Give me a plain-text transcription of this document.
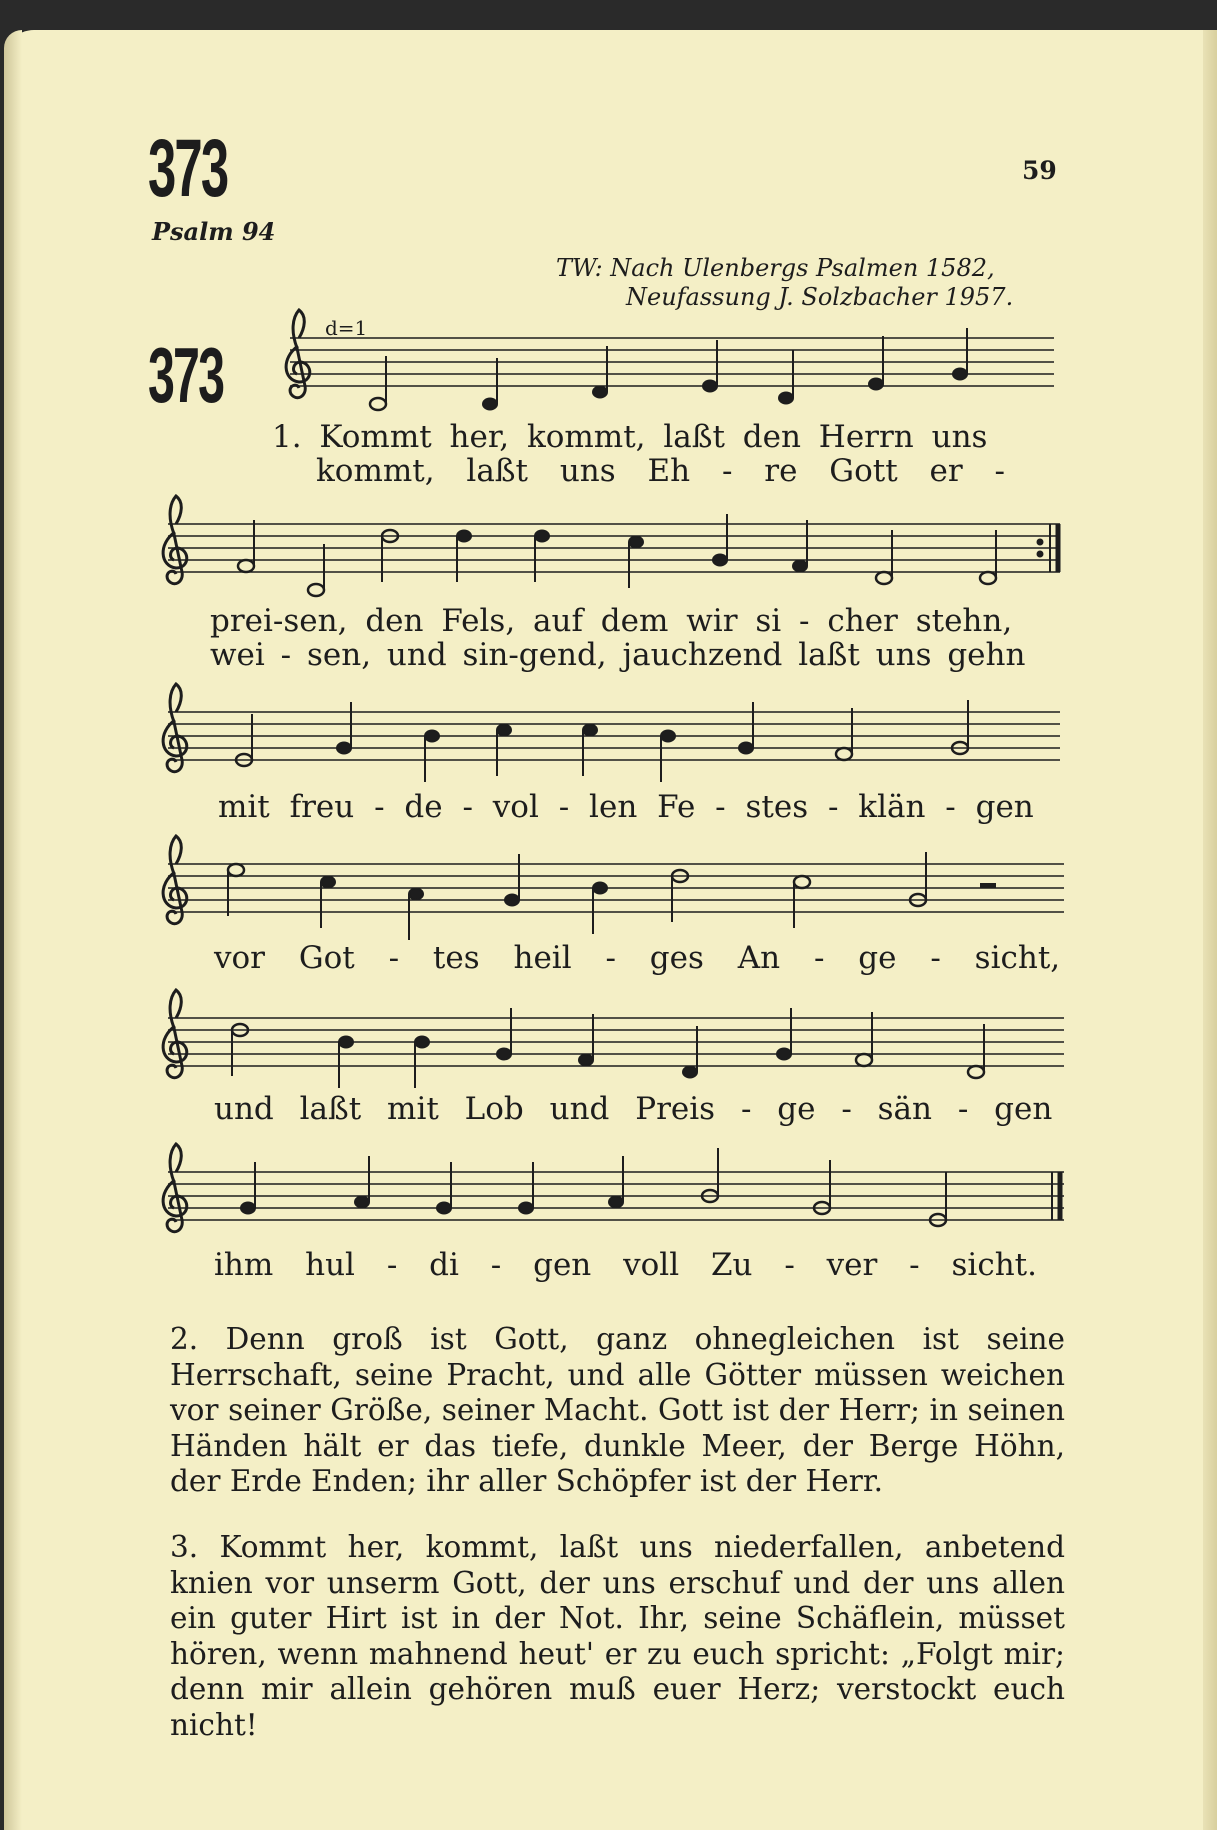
373	59
Psalm 94
TW: Nach Ulenbergs Psalmen 1582,
Neufassung J. Solzbacher 1957.
373
d=1
1. Kommt her, kommt, laßt den Herrn uns
kommt, laßt uns Eh - re Gott er -
prei-sen, den Fels, auf dem wir si - cher stehn,
wei - sen, und sin-gend, jauchzend laßt uns gehn
mit freu - de - vol - len Fe - stes - klän - gen
vor Got - tes heil - ges An - ge - sicht,
und laßt mit Lob und Preis - ge - sän - gen
ihm hul - di - gen voll Zu - ver - sicht.
2. Denn groß ist Gott, ganz ohnegleichen ist seine Herrschaft, seine Pracht, und alle Götter müssen weichen vor seiner Größe, seiner Macht. Gott ist der Herr; in seinen Händen hält er das tiefe, dunkle Meer, der Berge Höhn, der Erde Enden; ihr aller Schöpfer ist der Herr.
3. Kommt her, kommt, laßt uns niederfallen, anbetend knien vor unserm Gott, der uns erschuf und der uns allen ein guter Hirt ist in der Not. Ihr, seine Schäflein, müsset hören, wenn mahnend heut' er zu euch spricht: „Folgt mir; denn mir allein gehören muß euer Herz; verstockt euch nicht!
